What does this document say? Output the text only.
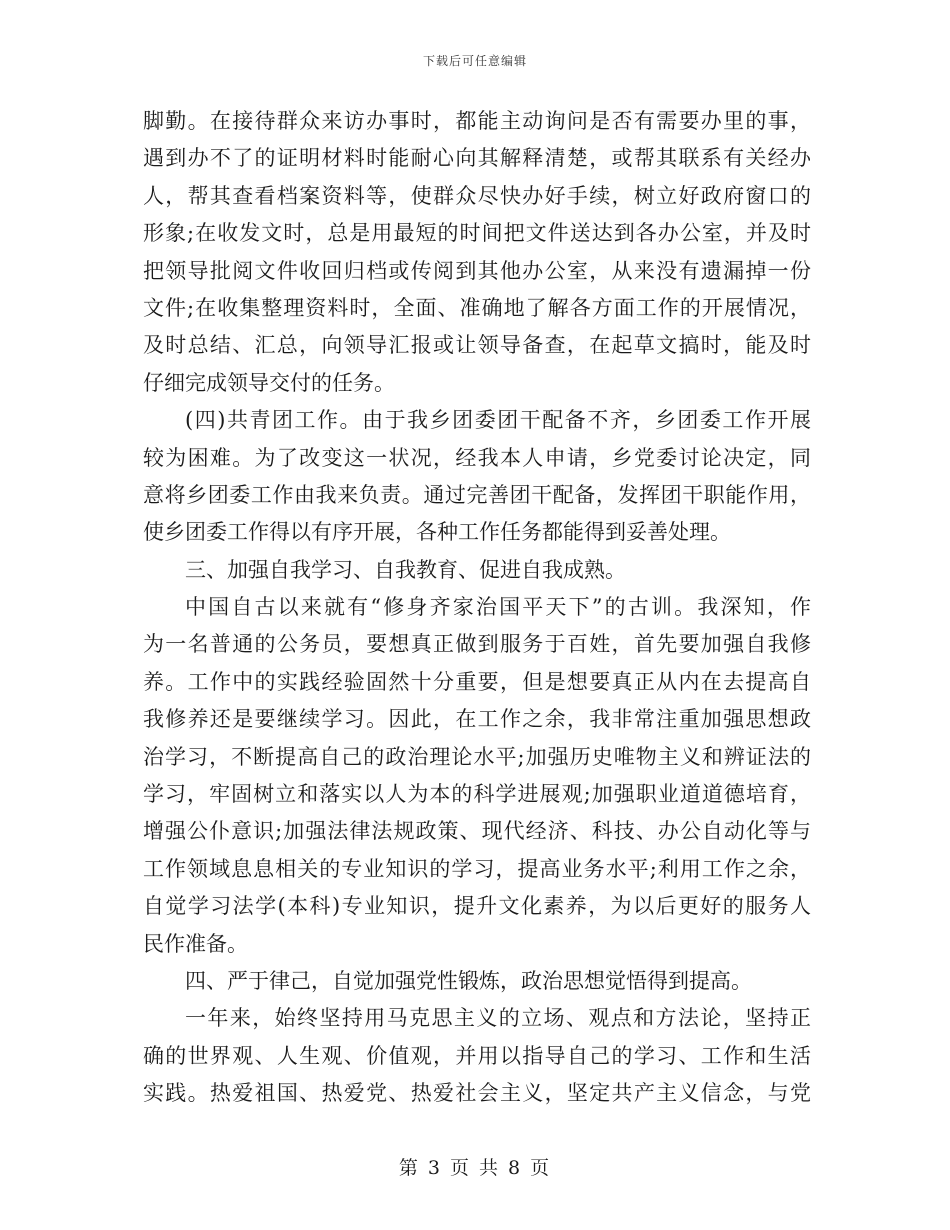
下载后可任意编辑
脚勤。在接待群众来访办事时，都能主动询问是否有需要办里的事，
遇到办不了的证明材料时能耐心向其解释清楚，或帮其联系有关经办
人，帮其查看档案资料等，使群众尽快办好手续，树立好政府窗口的
形象;在收发文时，总是用最短的时间把文件送达到各办公室，并及时
把领导批阅文件收回归档或传阅到其他办公室，从来没有遗漏掉一份
文件;在收集整理资料时，全面、准确地了解各方面工作的开展情况，
及时总结、汇总，向领导汇报或让领导备查，在起草文搞时，能及时
仔细完成领导交付的任务。
(四)共青团工作。由于我乡团委团干配备不齐，乡团委工作开展
较为困难。为了改变这一状况，经我本人申请，乡党委讨论决定，同
意将乡团委工作由我来负责。通过完善团干配备，发挥团干职能作用，
使乡团委工作得以有序开展，各种工作任务都能得到妥善处理。
三、加强自我学习、自我教育、促进自我成熟。
中国自古以来就有“修身齐家治国平天下”的古训。我深知，作
为一名普通的公务员，要想真正做到服务于百姓，首先要加强自我修
养。工作中的实践经验固然十分重要，但是想要真正从内在去提高自
我修养还是要继续学习。因此，在工作之余，我非常注重加强思想政
治学习，不断提高自己的政治理论水平;加强历史唯物主义和辨证法的
学习，牢固树立和落实以人为本的科学进展观;加强职业道道德培育，
增强公仆意识;加强法律法规政策、现代经济、科技、办公自动化等与
工作领域息息相关的专业知识的学习，提高业务水平;利用工作之余，
自觉学习法学(本科)专业知识，提升文化素养，为以后更好的服务人
民作准备。
四、严于律己，自觉加强党性锻炼，政治思想觉悟得到提高。
一年来，始终坚持用马克思主义的立场、观点和方法论，坚持正
确的世界观、人生观、价值观，并用以指导自己的学习、工作和生活
实践。热爱祖国、热爱党、热爱社会主义，坚定共产主义信念，与党
第 3 页 共 8 页
